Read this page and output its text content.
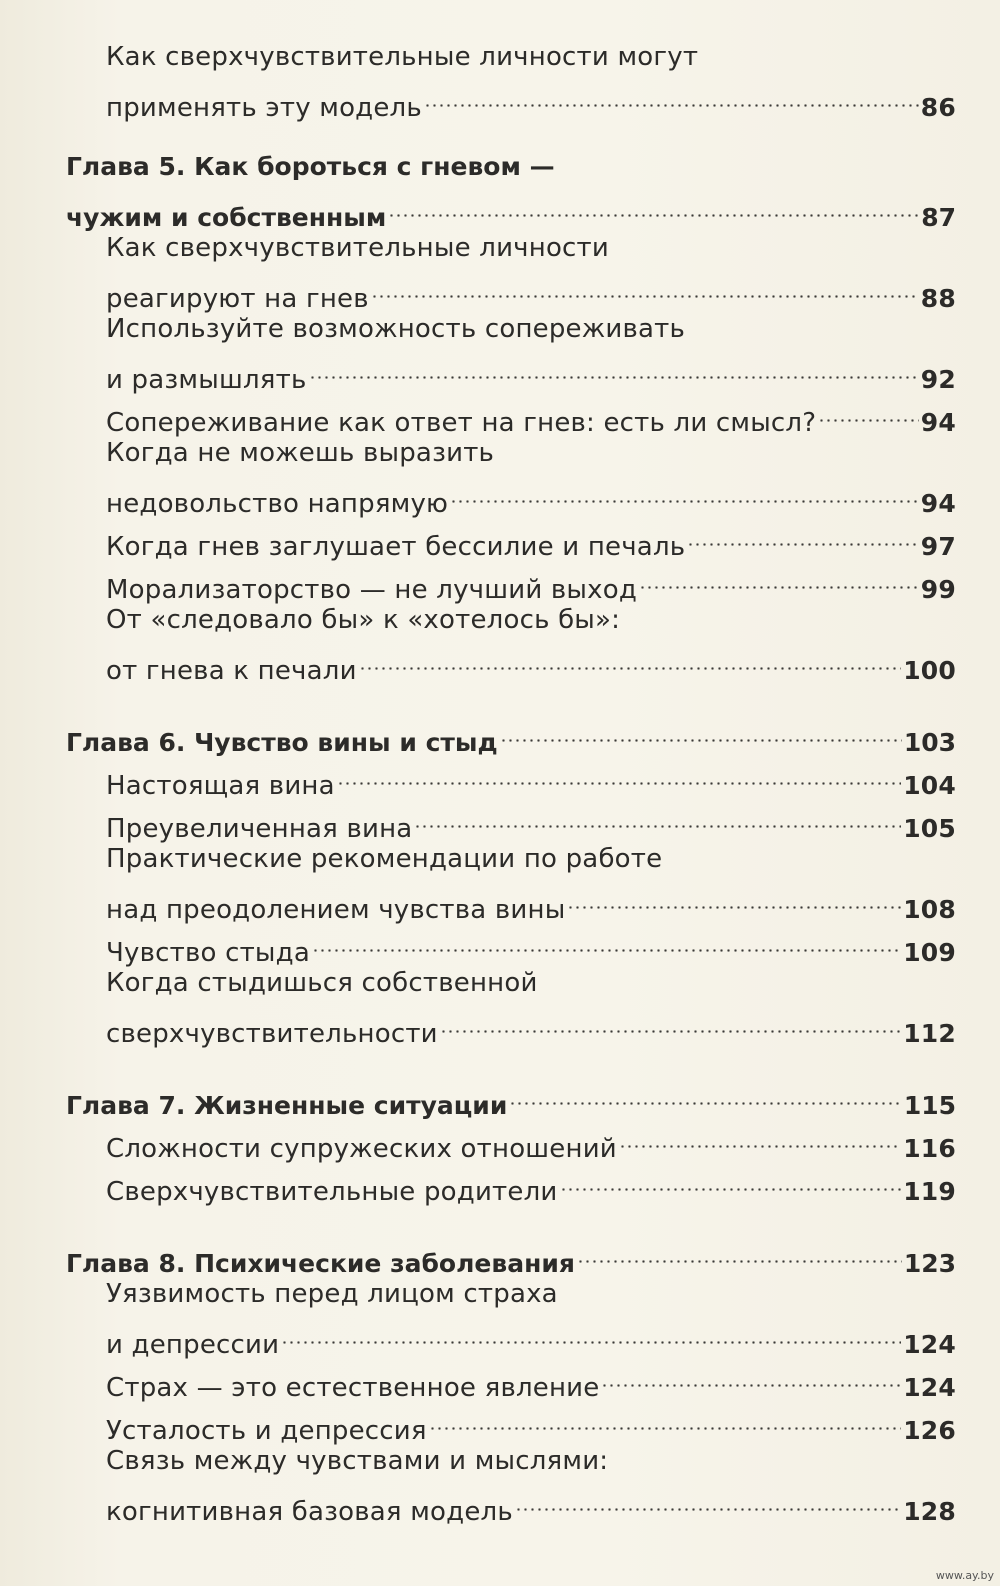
Как сверхчувствительные личности могут
применять эту модель	86
Глава 5. Как бороться с гневом —
чужим и собственным	87
Как сверхчувствительные личности
реагируют на гнев	88
Используйте возможность сопереживать
и размышлять	92
Сопереживание как ответ на гнев: есть ли смысл?	94
Когда не можешь выразить
недовольство напрямую	94
Когда гнев заглушает бессилие и печаль	97
Морализаторство — не лучший выход	99
От «следовало бы» к «хотелось бы»:
от гнева к печали	100
Глава 6. Чувство вины и стыд	103
Настоящая вина	104
Преувеличенная вина	105
Практические рекомендации по работе
над преодолением чувства вины	108
Чувство стыда	109
Когда стыдишься собственной
сверхчувствительности	112
Глава 7. Жизненные ситуации	115
Сложности супружеских отношений	116
Сверхчувствительные родители	119
Глава 8. Психические заболевания	123
Уязвимость перед лицом страха
и депрессии	124
Страх — это естественное явление	124
Усталость и депрессия	126
Связь между чувствами и мыслями:
когнитивная базовая модель	128
www.ay.by
